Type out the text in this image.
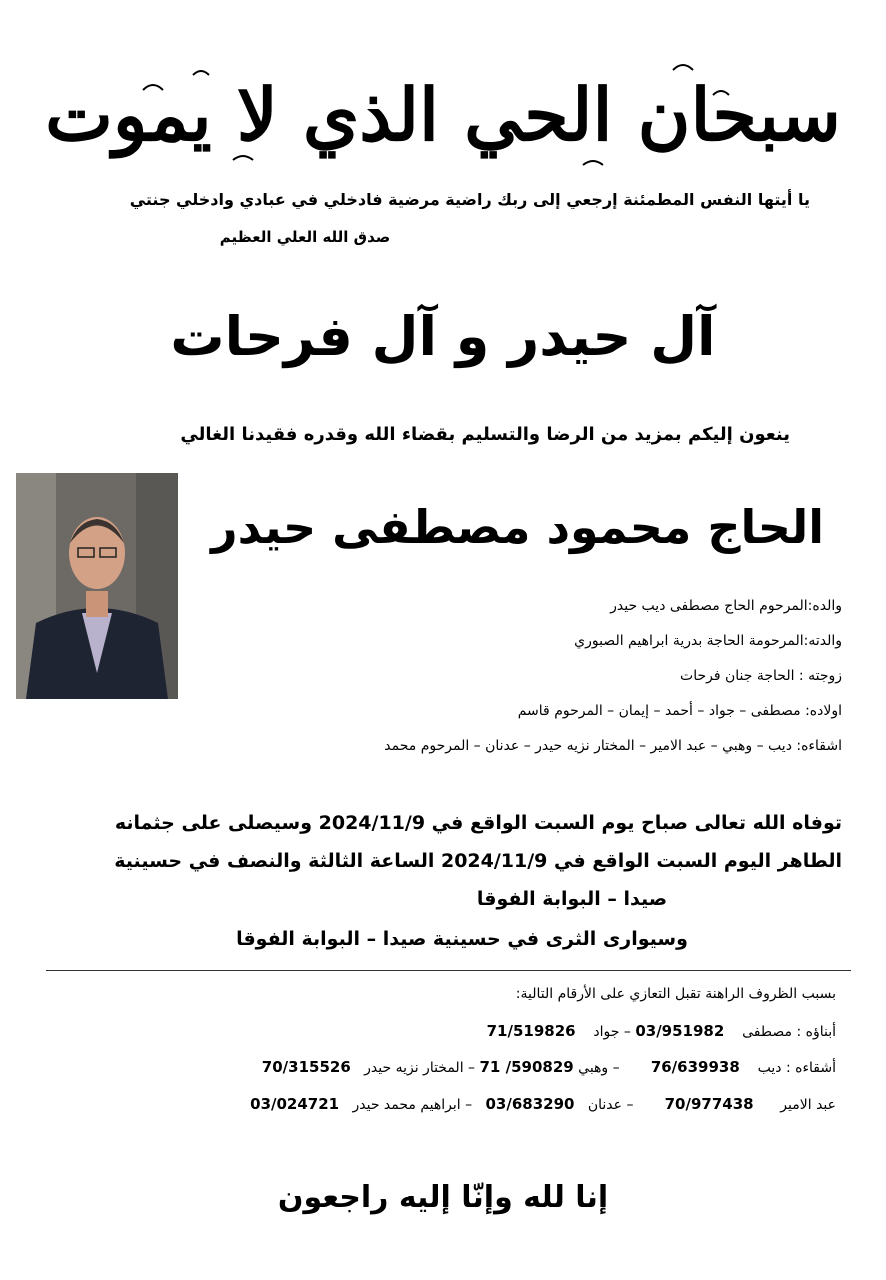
سبحان الحي الذي لا يموت
يا أيتها النفس المطمئنة إرجعي إلى ربك راضية مرضية فادخلي في عبادي وادخلي جنتي
صدق الله العلي العظيم
آل حيدر و آل فرحات
ينعون إليكم بمزيد من الرضا والتسليم بقضاء الله وقدره فقيدنا الغالي
الحاج محمود مصطفى حيدر
والده:المرحوم الحاج مصطفى ديب حيدر
والدته:المرحومة الحاجة بدرية ابراهيم الصبوري
زوجته : الحاجة جنان فرحات
اولاده: مصطفى – جواد – أحمد – إيمان – المرحوم قاسم
اشقاءه: ديب – وهبي – عبد الامير – المختار نزيه حيدر – عدنان – المرحوم محمد
توفاه الله تعالى صباح يوم السبت الواقع في 2024/11/9 وسيصلى على جثمانه
الطاهر اليوم السبت الواقع في 2024/11/9 الساعة الثالثة والنصف في حسينية
صيدا – البوابة الفوقا
وسيوارى الثرى في حسينية صيدا – البوابة الفوقا
بسبب الظروف الراهنة تقبل التعازي على الأرقام التالية:
أبناؤه : مصطفى    03/951982 – جواد    71/519826
أشقاءه : ديب    76/639938       – وهبي 590829/ 71 – المختار نزيه حيدر   70/315526
عبد الامير      70/977438       – عدنان   03/683290   – ابراهيم محمد حيدر   03/024721
إنا لله وإنّا إليه راجعون
